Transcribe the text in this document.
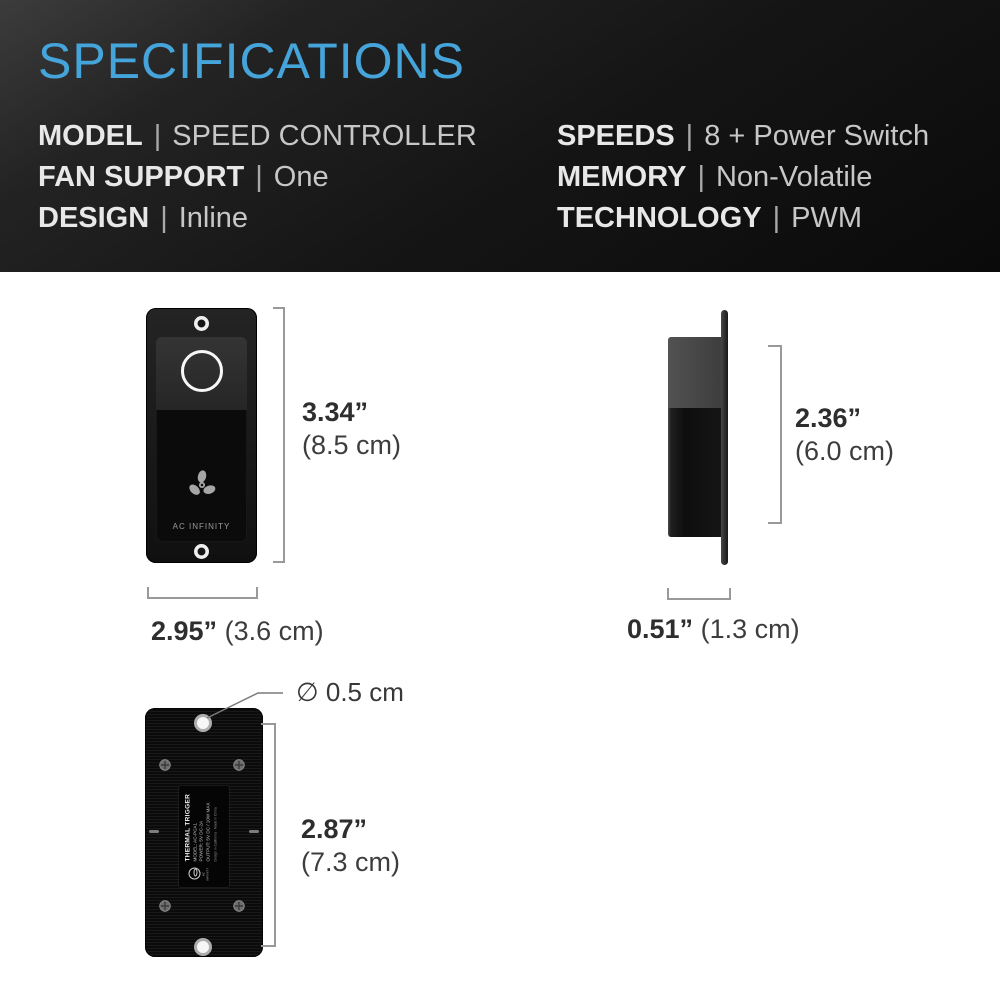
SPECIFICATIONS
MODEL | SPEED CONTROLLER
FAN SUPPORT | One
DESIGN | Inline
SPEEDS | 8 + Power Switch
MEMORY | Non-Volatile
TECHNOLOGY | PWM
AC INFINITY
3.34”
(8.5 cm)
2.95” (3.6 cm)
2.36”
(6.0 cm)
0.51” (1.3 cm)
THERMAL TRIGGER MODEL: AC-PCA1 POWER: 5V DC-2A OUTPUT: 5V DC / 10W MAX	Design in California · Made in China
AC INFINITY
∅ 0.5 cm
2.87”
(7.3 cm)
